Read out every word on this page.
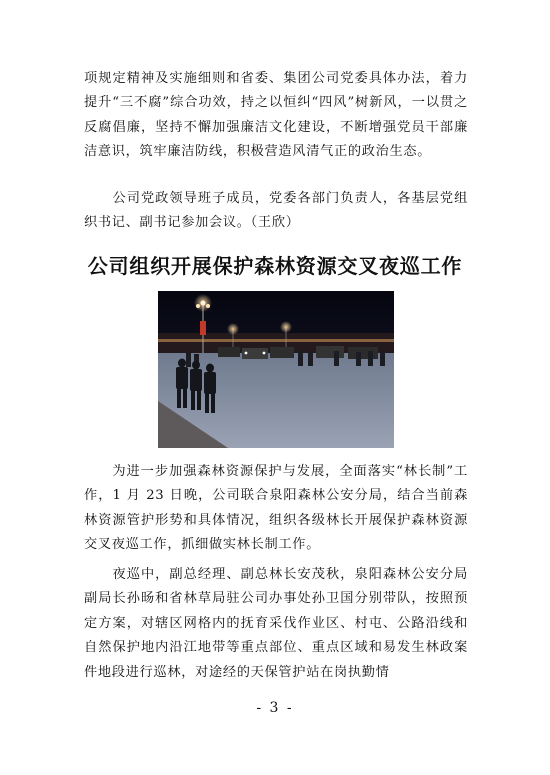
项规定精神及实施细则和省委、集团公司党委具体办法，着力提升“三不腐”综合功效，持之以恒纠“四风”树新风，一以贯之反腐倡廉，坚持不懈加强廉洁文化建设，不断增强党员干部廉洁意识，筑牢廉洁防线，积极营造风清气正的政治生态。

　　公司党政领导班子成员，党委各部门负责人，各基层党组织书记、副书记参加会议。（王欣）

公司组织开展保护森林资源交叉夜巡工作

　　为进一步加强森林资源保护与发展，全面落实“林长制”工作，1 月 23 日晚，公司联合泉阳森林公安分局，结合当前森林资源管护形势和具体情况，组织各级林长开展保护森林资源交叉夜巡工作，抓细做实林长制工作。

　　夜巡中，副总经理、副总林长安茂秋，泉阳森林公安分局副局长孙旸和省林草局驻公司办事处孙卫国分别带队，按照预定方案，对辖区网格内的抚育采伐作业区、村屯、公路沿线和自然保护地内沿江地带等重点部位、重点区域和易发生林政案件地段进行巡林，对途经的天保管护站在岗执勤情

- 3 -
